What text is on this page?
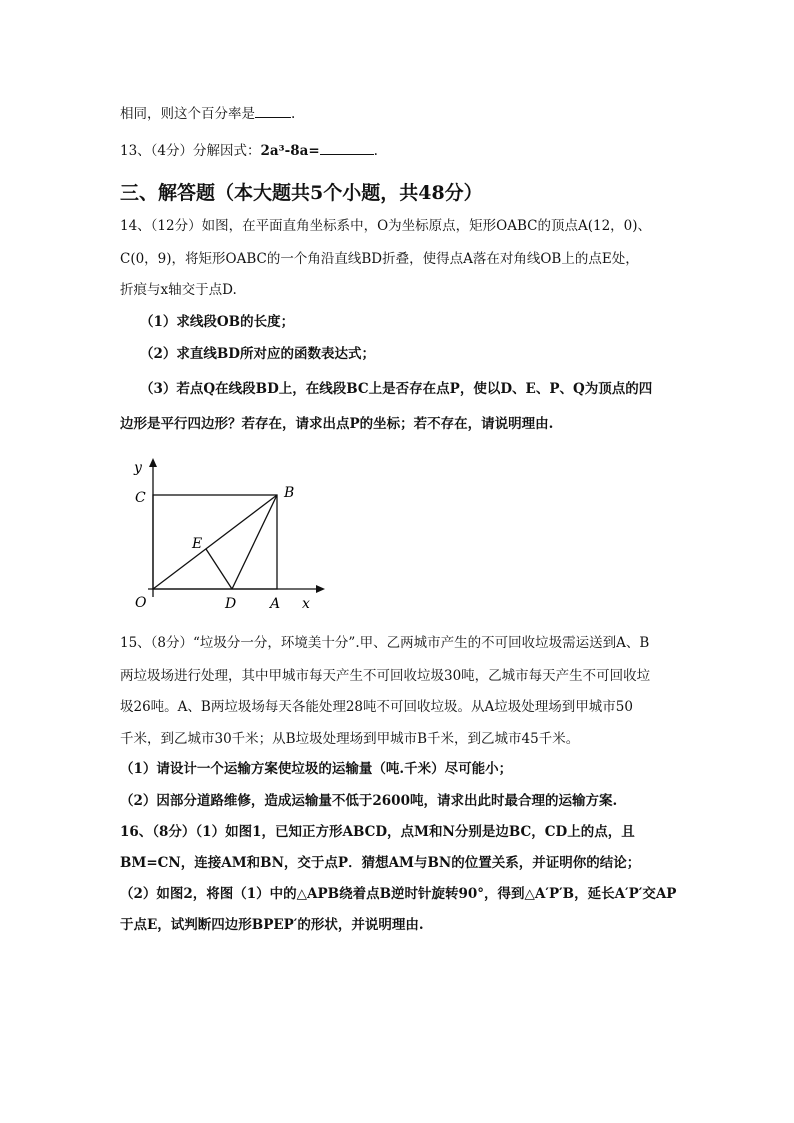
相同，则这个百分率是	.
13、（4分）分解因式：2a³-8a=	.
三、解答题（本大题共5个小题，共48分）
14、（12分）如图，在平面直角坐标系中，O为坐标原点，矩形OABC的顶点A(12，0)、
C(0，9)，将矩形OABC的一个角沿直线BD折叠，使得点A落在对角线OB上的点E处，
折痕与x轴交于点D.
（1）求线段OB的长度；
（2）求直线BD所对应的函数表达式；
（3）若点Q在线段BD上，在线段BC上是否存在点P，使以D、E、P、Q为顶点的四
边形是平行四边形？若存在，请求出点P的坐标；若不存在，请说明理由.
y
C	B
E
O	D A x
15、（8分）“垃圾分一分，环境美十分”.甲、乙两城市产生的不可回收垃圾需运送到A、B
两垃圾场进行处理，其中甲城市每天产生不可回收垃圾30吨，乙城市每天产生不可回收垃
圾26吨。A、B两垃圾场每天各能处理28吨不可回收垃圾。从A垃圾处理场到甲城市50
千米，到乙城市30千米；从B垃圾处理场到甲城市B千米，到乙城市45千米。
（1）请设计一个运输方案使垃圾的运输量（吨.千米）尽可能小；
（2）因部分道路维修，造成运输量不低于2600吨，请求出此时最合理的运输方案.
16、（8分）（1）如图1，已知正方形ABCD，点M和N分别是边BC，CD上的点，且
BM=CN，连接AM和BN，交于点P．猜想AM与BN的位置关系，并证明你的结论；
（2）如图2，将图（1）中的△APB绕着点B逆时针旋转90°，得到△A′P′B，延长A′P′交AP
于点E，试判断四边形BPEP′的形状，并说明理由.
